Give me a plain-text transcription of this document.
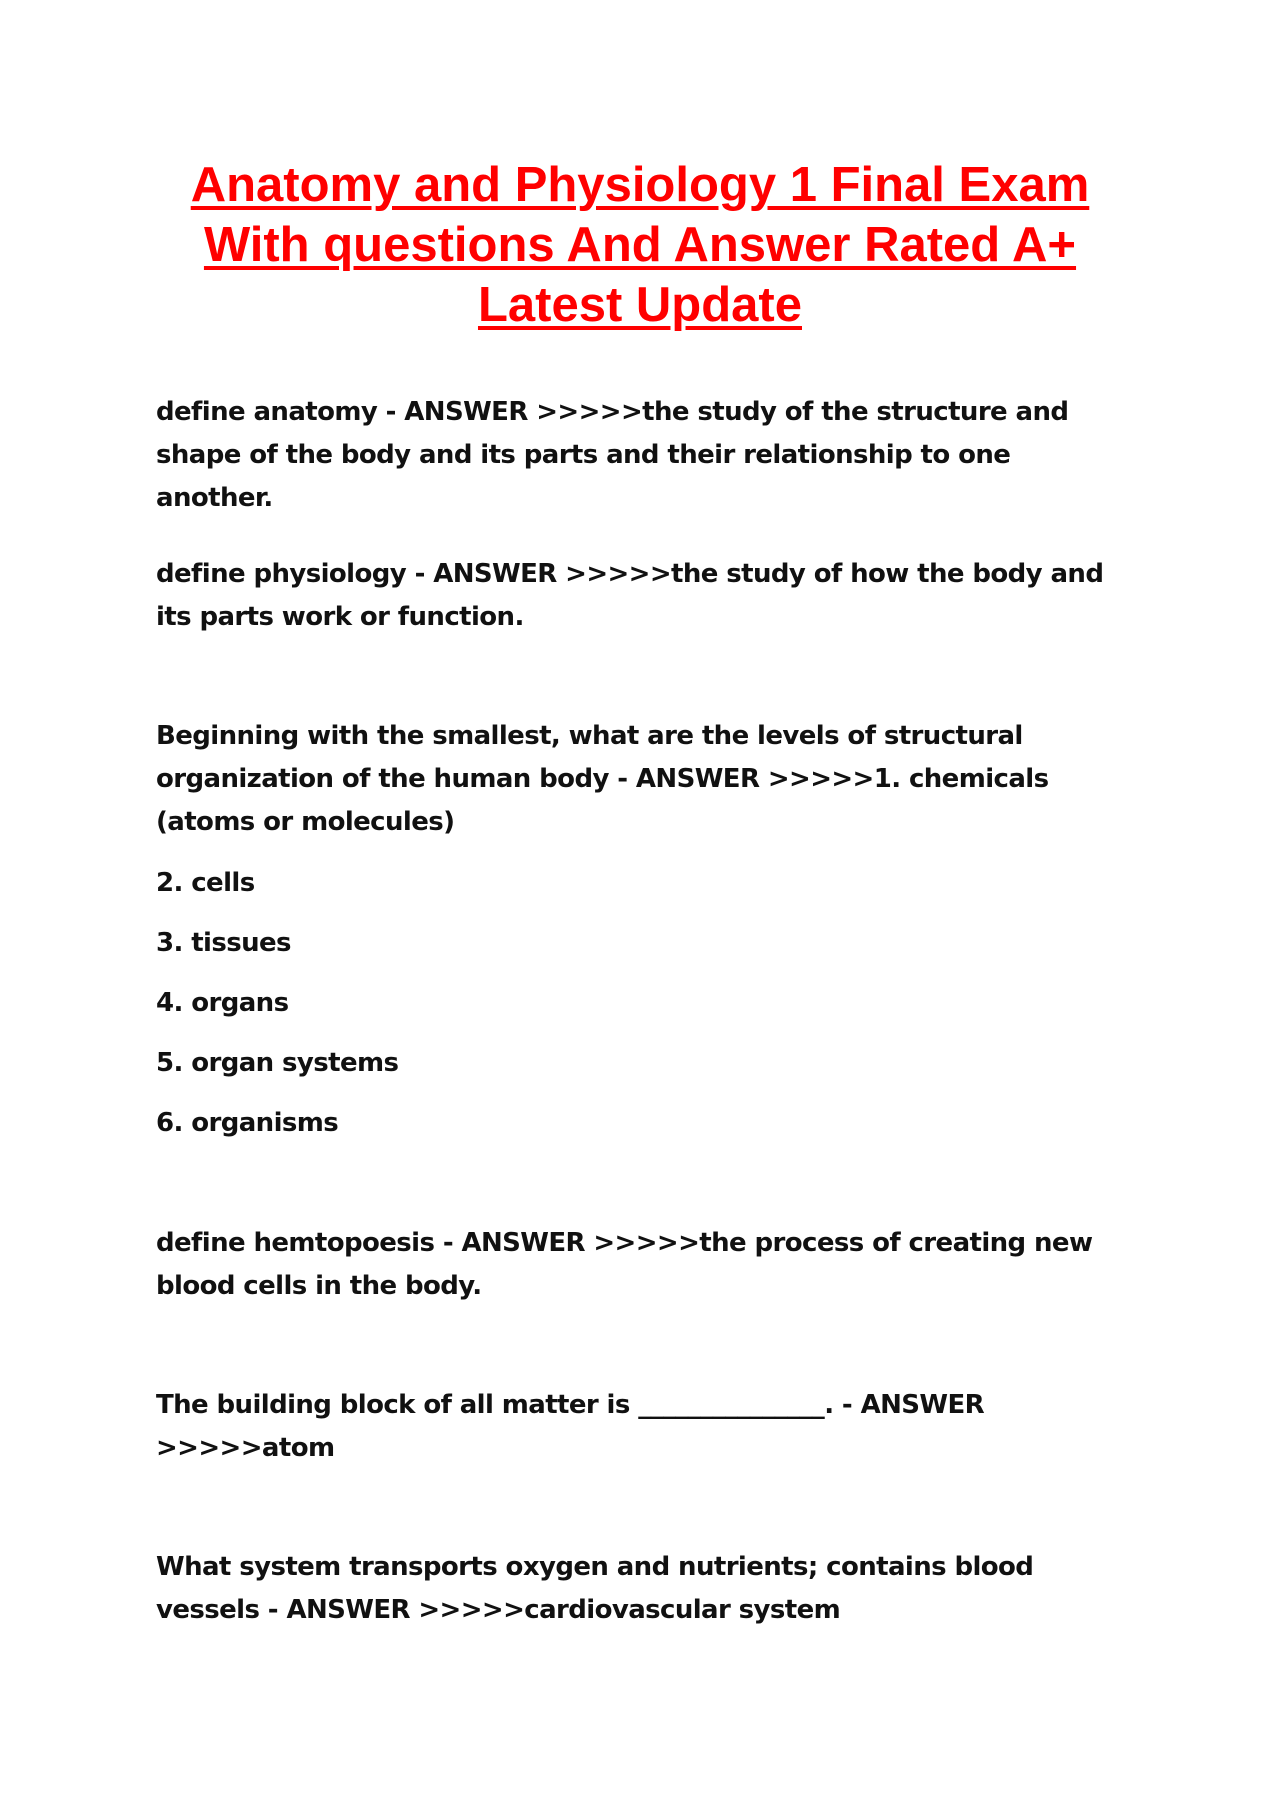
Anatomy and Physiology 1 Final Exam
With questions And Answer Rated A+
Latest Update

define anatomy - ANSWER >>>>>the study of the structure and shape of the body and its parts and their relationship to one another.

define physiology - ANSWER >>>>>the study of how the body and its parts work or function.

Beginning with the smallest, what are the levels of structural organization of the human body - ANSWER >>>>>1. chemicals (atoms or molecules)

2. cells

3. tissues

4. organs

5. organ systems

6. organisms

define hemtopoesis - ANSWER >>>>>the process of creating new blood cells in the body.

The building block of all matter is _______________. - ANSWER >>>>>atom

What system transports oxygen and nutrients; contains blood vessels - ANSWER >>>>>cardiovascular system
